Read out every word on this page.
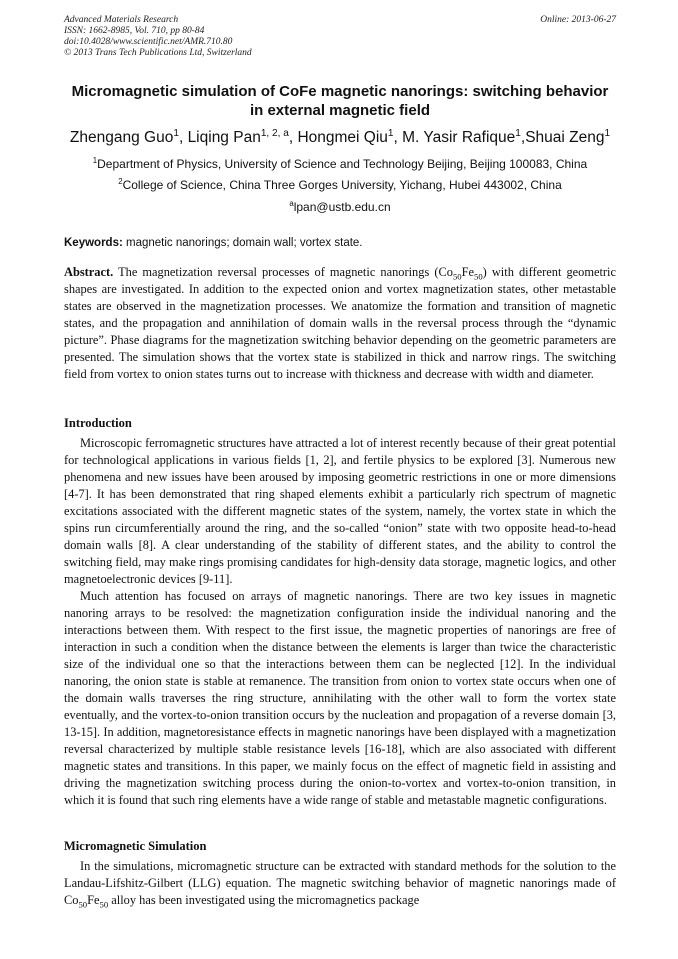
Advanced Materials Research
ISSN: 1662-8985, Vol. 710, pp 80-84
doi:10.4028/www.scientific.net/AMR.710.80
© 2013 Trans Tech Publications Ltd, Switzerland
Online: 2013-06-27
Micromagnetic simulation of CoFe magnetic nanorings: switching behavior in external magnetic field
Zhengang Guo$^1$, Liqing Pan$^{1, 2, a}$, Hongmei Qiu$^1$, M. Yasir Rafique$^1$,Shuai Zeng$^1$
$^1$Department of Physics, University of Science and Technology Beijing, Beijing 100083, China
$^2$College of Science, China Three Gorges University, Yichang, Hubei 443002, China
$^a$lpan@ustb.edu.cn
Keywords: magnetic nanorings; domain wall; vortex state.

Abstract. The magnetization reversal processes of magnetic nanorings $(Co_{50}Fe_{50})$ with different geometric shapes are investigated. In addition to the expected onion and vortex magnetization states, other metastable states are observed in the magnetization processes. We anatomize the formation and transition of magnetic states, and the propagation and annihilation of domain walls in the reversal process through the “dynamic picture”. Phase diagrams for the magnetization switching behavior depending on the geometric parameters are presented. The simulation shows that the vortex state is stabilized in thick and narrow rings. The switching field from vortex to onion states turns out to increase with thickness and decrease with width and diameter.

Introduction

Microscopic ferromagnetic structures have attracted a lot of interest recently because of their great potential for technological applications in various fields [1, 2], and fertile physics to be explored [3]. Numerous new phenomena and new issues have been aroused by imposing geometric restrictions in one or more dimensions [4-7]. It has been demonstrated that ring shaped elements exhibit a particularly rich spectrum of magnetic excitations associated with the different magnetic states of the system, namely, the vortex state in which the spins run circumferentially around the ring, and the so-called “onion” state with two opposite head-to-head domain walls [8]. A clear understanding of the stability of different states, and the ability to control the switching field, may make rings promising candidates for high-density data storage, magnetic logics, and other magnetoelectronic devices [9-11].

Much attention has focused on arrays of magnetic nanorings. There are two key issues in magnetic nanoring arrays to be resolved: the magnetization configuration inside the individual nanoring and the interactions between them. With respect to the first issue, the magnetic properties of nanorings are free of interaction in such a condition when the distance between the elements is larger than twice the characteristic size of the individual one so that the interactions between them can be neglected [12]. In the individual nanoring, the onion state is stable at remanence. The transition from onion to vortex state occurs when one of the domain walls traverses the ring structure, annihilating with the other wall to form the vortex state eventually, and the vortex-to-onion transition occurs by the nucleation and propagation of a reverse domain [3, 13-15]. In addition, magnetoresistance effects in magnetic nanorings have been displayed with a magnetization reversal characterized by multiple stable resistance levels [16-18], which are also associated with different magnetic states and transitions. In this paper, we mainly focus on the effect of magnetic field in assisting and driving the magnetization switching process during the onion-to-vortex and vortex-to-onion transition, in which it is found that such ring elements have a wide range of stable and metastable magnetic configurations.

Micromagnetic Simulation

In the simulations, micromagnetic structure can be extracted with standard methods for the solution to the Landau-Lifshitz-Gilbert (LLG) equation. The magnetic switching behavior of magnetic nanorings made of $Co_{50}Fe_{50}$ alloy has been investigated using the micromagnetics package
